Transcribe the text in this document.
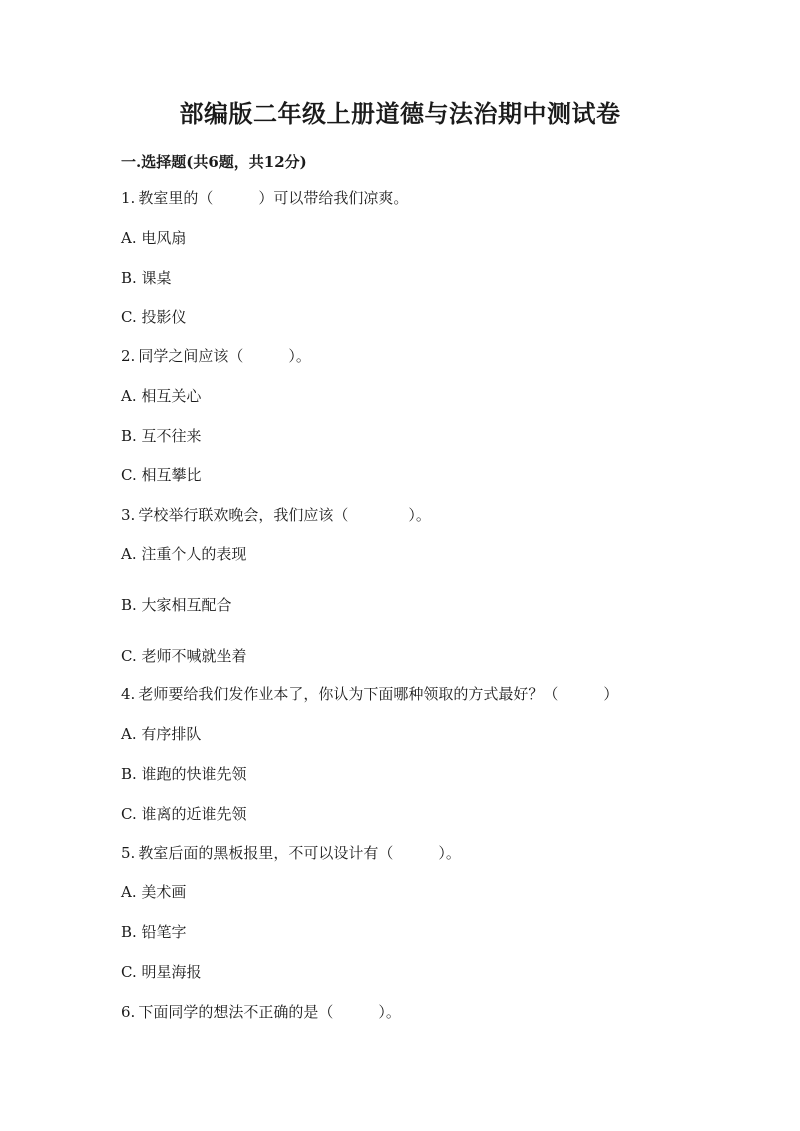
部编版二年级上册道德与法治期中测试卷

一.选择题(共6题，共12分)

1. 教室里的（　　　）可以带给我们凉爽。

A. 电风扇

B. 课桌

C. 投影仪

2. 同学之间应该（　　　）。

A. 相互关心

B. 互不往来

C. 相互攀比

3. 学校举行联欢晚会，我们应该（　　　　）。

A. 注重个人的表现

B. 大家相互配合

C. 老师不喊就坐着

4. 老师要给我们发作业本了，你认为下面哪种领取的方式最好？（　　　）

A. 有序排队

B. 谁跑的快谁先领

C. 谁离的近谁先领

5. 教室后面的黑板报里，不可以设计有（　　　）。

A. 美术画

B. 铅笔字

C. 明星海报

6. 下面同学的想法不正确的是（　　　）。
